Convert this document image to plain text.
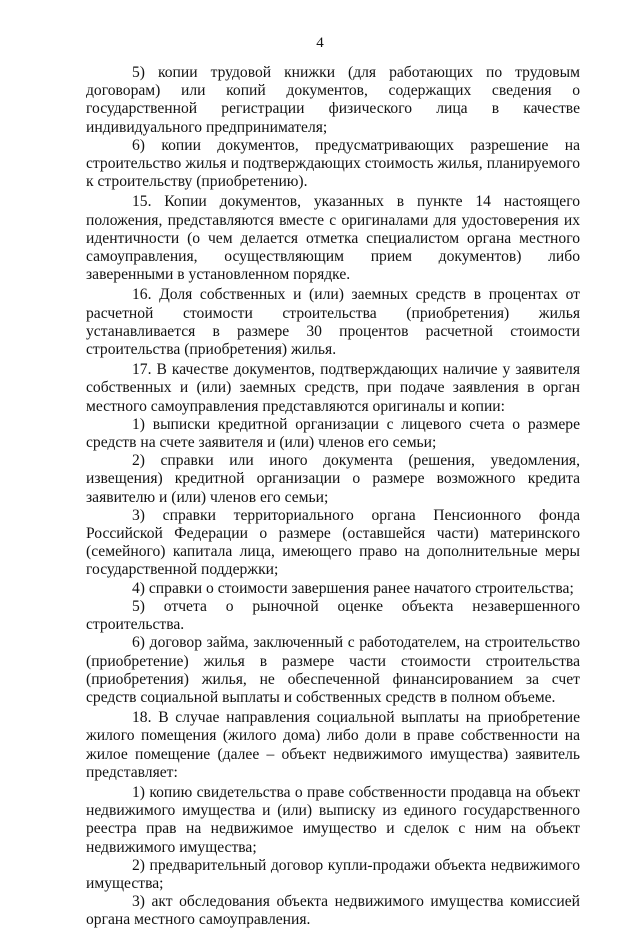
4

5) копии трудовой книжки (для работающих по трудовым договорам) или копий документов, содержащих сведения о государственной регистрации физического лица в качестве индивидуального предпринимателя;

6) копии документов, предусматривающих разрешение на строительство жилья и подтверждающих стоимость жилья, планируемого к строительству (приобретению).

15. Копии документов, указанных в пункте 14 настоящего положения, представляются вместе с оригиналами для удостоверения их идентичности (о чем делается отметка специалистом органа местного самоуправления, осуществляющим прием документов) либо заверенными в установленном порядке.

16. Доля собственных и (или) заемных средств в процентах от расчетной стоимости строительства (приобретения) жилья устанавливается в размере 30 процентов расчетной стоимости строительства (приобретения) жилья.

17. В качестве документов, подтверждающих наличие у заявителя собственных и (или) заемных средств, при подаче заявления в орган местного самоуправления представляются оригиналы и копии:

1) выписки кредитной организации с лицевого счета о размере средств на счете заявителя и (или) членов его семьи;

2) справки или иного документа (решения, уведомления, извещения) кредитной организации о размере возможного кредита заявителю и (или) членов его семьи;

3) справки территориального органа Пенсионного фонда Российской Федерации о размере (оставшейся части) материнского (семейного) капитала лица, имеющего право на дополнительные меры государственной поддержки;

4) справки о стоимости завершения ранее начатого строительства;

5) отчета о рыночной оценке объекта незавершенного строительства.

6) договор займа, заключенный с работодателем, на строительство (приобретение) жилья в размере части стоимости строительства (приобретения) жилья, не обеспеченной финансированием за счет средств социальной выплаты и собственных средств в полном объеме.

18. В случае направления социальной выплаты на приобретение жилого помещения (жилого дома) либо доли в праве собственности на жилое помещение (далее – объект недвижимого имущества) заявитель представляет:

1) копию свидетельства о праве собственности продавца на объект недвижимого имущества и (или) выписку из единого государственного реестра прав на недвижимое имущество и сделок с ним на объект недвижимого имущества;

2) предварительный договор купли-продажи объекта недвижимого имущества;

3) акт обследования объекта недвижимого имущества комиссией органа местного самоуправления.
